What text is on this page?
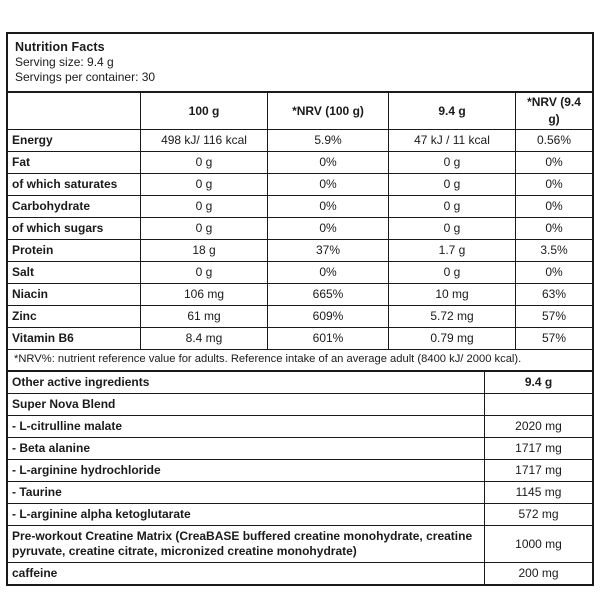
Nutrition Facts
Serving size: 9.4 g
Servings per container: 30
	100 g	*NRV (100 g)	9.4 g	*NRV (9.4 g)
Energy	498 kJ/ 116 kcal	5.9%	47 kJ / 11 kcal	0.56%
Fat	0 g	0%	0 g	0%
of which saturates	0 g	0%	0 g	0%
Carbohydrate	0 g	0%	0 g	0%
of which sugars	0 g	0%	0 g	0%
Protein	18 g	37%	1.7 g	3.5%
Salt	0 g	0%	0 g	0%
Niacin	106 mg	665%	10 mg	63%
Zinc	61 mg	609%	5.72 mg	57%
Vitamin B6	8.4 mg	601%	0.79 mg	57%
*NRV%: nutrient reference value for adults. Reference intake of an average adult (8400 kJ/ 2000 kcal).
Other active ingredients	9.4 g
Super Nova Blend	
- L-citrulline malate	2020 mg
- Beta alanine	1717 mg
- L-arginine hydrochloride	1717 mg
- Taurine	1145 mg
- L-arginine alpha ketoglutarate	572 mg
Pre-workout Creatine Matrix (CreaBASE buffered creatine monohydrate, creatine pyruvate, creatine citrate, micronized creatine monohydrate)	1000 mg
caffeine	200 mg
